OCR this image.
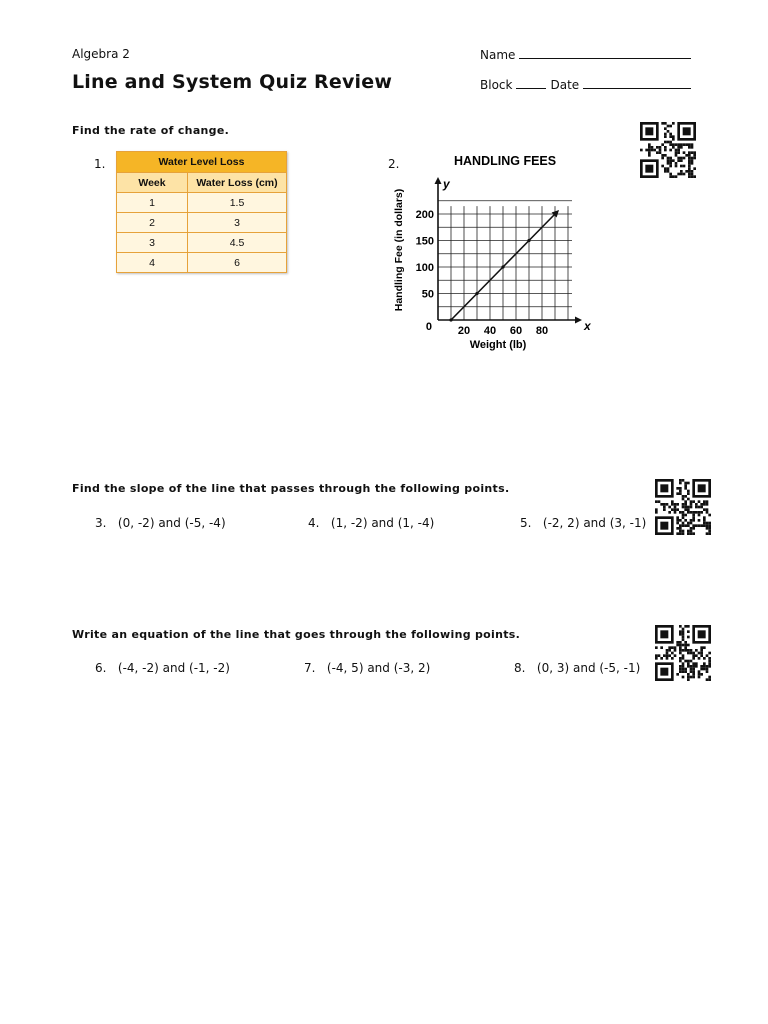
Algebra 2
Line and System Quiz Review
Name
Block	Date
Find the rate of change.
1.	Water Level Loss	
Week	Water Loss (cm)
1	1.5
2	3
3	4.5
4	6
2.	HANDLING FEES
x
y
20 40 60 80
50
100
150
200
0
Weight (lb)
Handling Fee (in dollars)
Find the slope of the line that passes through the following points.
3. (0, -2) and (-5, -4)	4. (1, -2) and (1, -4)	5. (-2, 2) and (3, -1)
Write an equation of the line that goes through the following points.
6. (-4, -2) and (-1, -2)	7. (-4, 5) and (-3, 2)	8. (0, 3) and (-5, -1)
